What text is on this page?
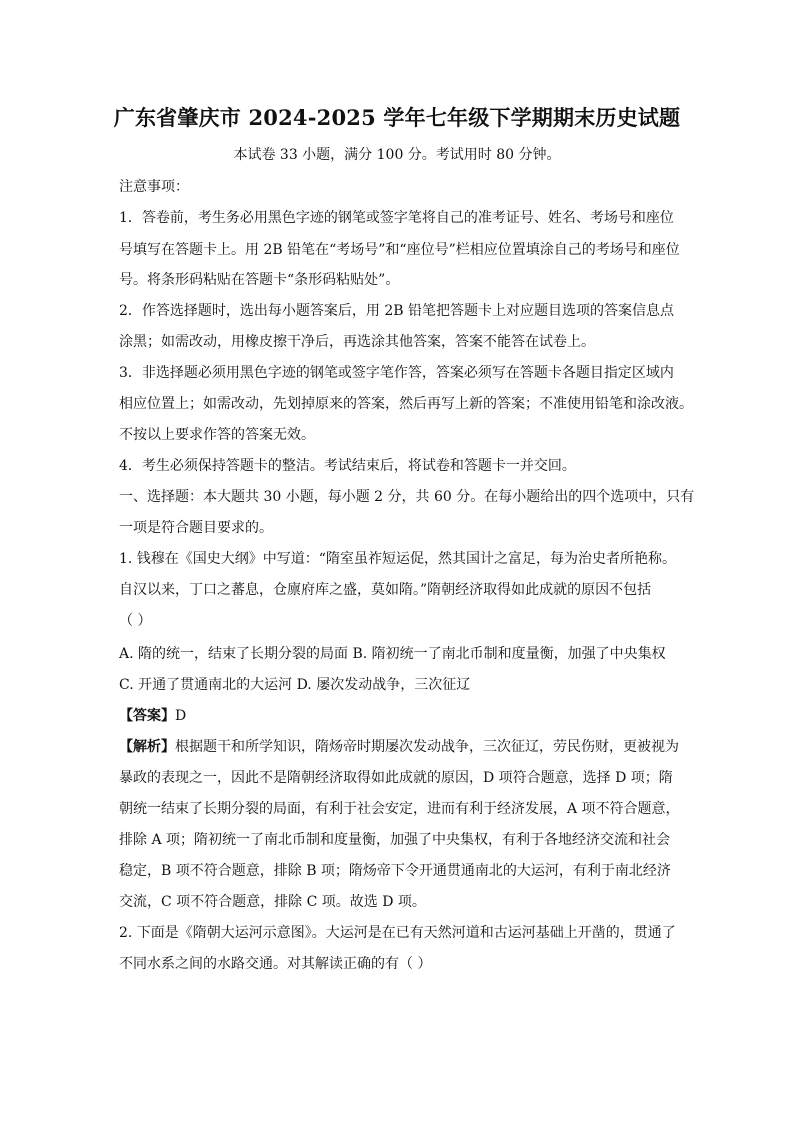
广东省肇庆市 2024-2025 学年七年级下学期期末历史试题
本试卷 33 小题，满分 100 分。考试用时 80 分钟。
注意事项：
1．答卷前，考生务必用黑色字迹的钢笔或签字笔将自己的准考证号、姓名、考场号和座位
号填写在答题卡上。用 2B 铅笔在“考场号”和“座位号”栏相应位置填涂自己的考场号和座位
号。将条形码粘贴在答题卡“条形码粘贴处”。
2．作答选择题时，选出每小题答案后，用 2B 铅笔把答题卡上对应题目选项的答案信息点
涂黑；如需改动，用橡皮擦干净后，再选涂其他答案，答案不能答在试卷上。
3．非选择题必须用黑色字迹的钢笔或签字笔作答，答案必须写在答题卡各题目指定区域内
相应位置上；如需改动，先划掉原来的答案，然后再写上新的答案；不准使用铅笔和涂改液。
不按以上要求作答的答案无效。
4．考生必须保持答题卡的整洁。考试结束后，将试卷和答题卡一并交回。
一、选择题：本大题共 30 小题，每小题 2 分，共 60 分。在每小题给出的四个选项中，只有
一项是符合题目要求的。
1. 钱穆在《国史大纲》中写道：“隋室虽祚短运促，然其国计之富足，每为治史者所艳称。
自汉以来，丁口之蕃息，仓廪府库之盛，莫如隋。”隋朝经济取得如此成就的原因不包括
（ ）
A. 隋的统一，结束了长期分裂的局面 B. 隋初统一了南北币制和度量衡，加强了中央集权
C. 开通了贯通南北的大运河 D. 屡次发动战争，三次征辽
【答案】D
【解析】根据题干和所学知识，隋炀帝时期屡次发动战争，三次征辽，劳民伤财，更被视为
暴政的表现之一，因此不是隋朝经济取得如此成就的原因，D 项符合题意，选择 D 项；隋
朝统一结束了长期分裂的局面，有利于社会安定，进而有利于经济发展，A 项不符合题意，
排除 A 项；隋初统一了南北币制和度量衡，加强了中央集权，有利于各地经济交流和社会
稳定，B 项不符合题意，排除 B 项；隋炀帝下令开通贯通南北的大运河，有利于南北经济
交流，C 项不符合题意，排除 C 项。故选 D 项。
2. 下面是《隋朝大运河示意图》。大运河是在已有天然河道和古运河基础上开凿的，贯通了
不同水系之间的水路交通。对其解读正确的有（ ）
